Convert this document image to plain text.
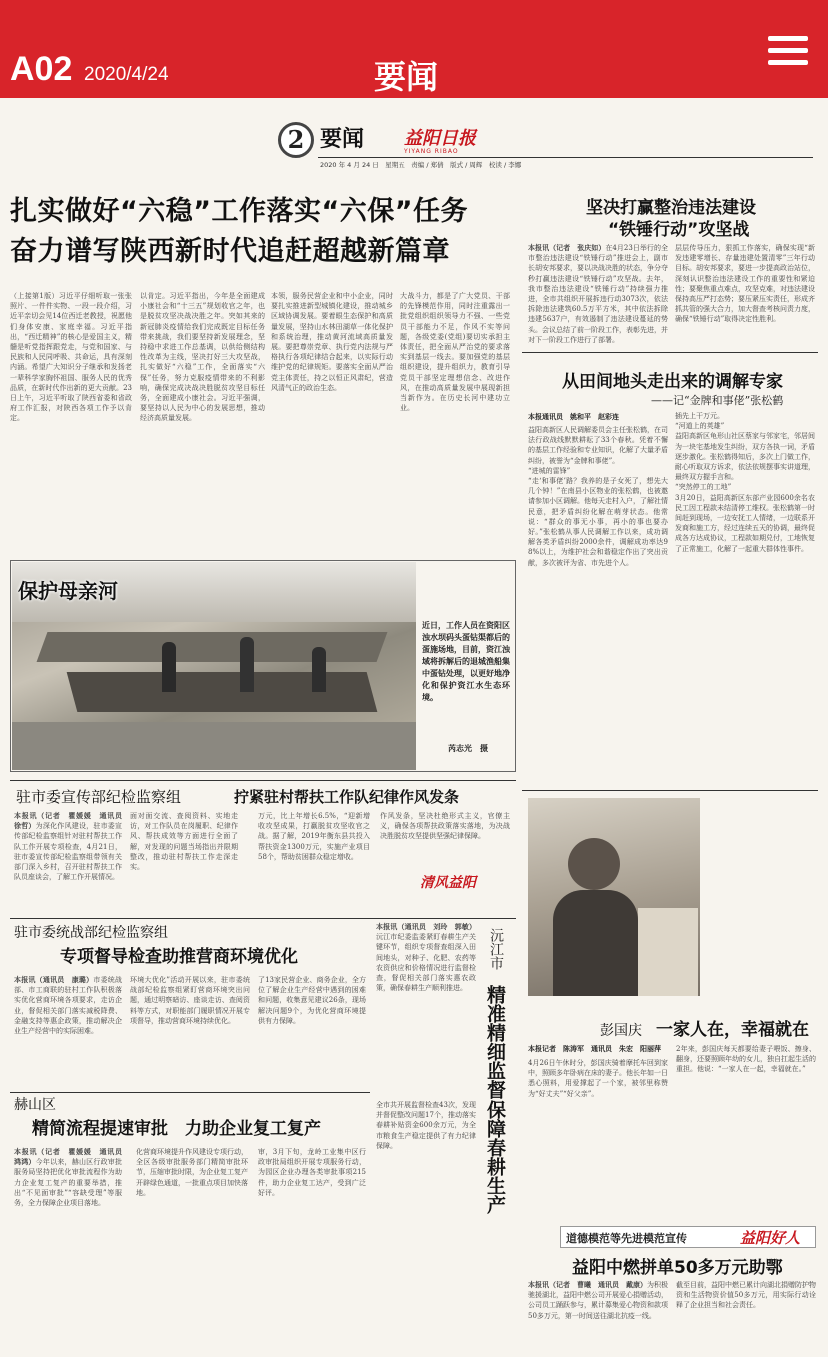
A02 2020/4/24	要闻
2 要闻 益阳日报
YIYANG RIBAO
2020 年 4 月 24 日　星期五　责编 / 郑倩　版式 / 周辉　校读 / 李娜
扎实做好“六稳”工作落实“六保”任务
奋力谱写陕西新时代追赶超越新篇章
（上接第1版）习近平仔细听取一张张照片、一件件实物、一段一段介绍，习近平亲切会见14位西迁老教授，祝愿他们身体安康、家庭幸福。习近平指出，“西迁精神”的核心是爱国主义，精髓是听党指挥跟党走，与党和国家、与民族和人民同呼吸、共命运，具有深刻内涵。希望广大知识分子继承和发扬老一辈科学家胸怀祖国、服务人民的优秀品质，在新时代作出新的更大贡献。23日上午，习近平听取了陕西省委和省政府工作汇报，对陕西各项工作予以肯定。
以肯定。习近平指出，今年是全面建成小康社会和“十三五”规划收官之年，也是脱贫攻坚决战决胜之年。突如其来的新冠肺炎疫情给我们完成既定目标任务带来挑战，我们要坚持新发展理念，坚持稳中求进工作总基调，以供给侧结构性改革为主线，坚决打好三大攻坚战，扎实做好“六稳”工作，全面落实“六保”任务，努力克服疫情带来的不利影响，确保完成决战决胜脱贫攻坚目标任务，全面建成小康社会。习近平强调，要坚持以人民为中心的发展思想，推动经济高质量发展。
本领，服务民营企业和中小企业，同时要扎实推进新型城镇化建设，推动城乡区域协调发展。要着眼生态保护和高质量发展，坚持山水林田湖草一体化保护和系统治理，推动黄河流域高质量发展。要把尊崇党章、执行党内法规与严格执行各项纪律结合起来，以实际行动维护党的纪律规矩。要落实全面从严治党主体责任，持之以恒正风肃纪，营造风清气正的政治生态。
大战斗力，都是了广大党员、干部的先锋模范作用，同时注重露出一批党组织组织领导力不强、一些党员干部能力不足，作风不实等问题，各级党委(党组)要切实承担主体责任，把全面从严治党的要求落实到基层一线去。要加强党的基层组织建设，提升组织力，教育引导党员干部坚定理想信念、改进作风，在推动高质量发展中展现新担当新作为。在历史长河中建功立业。
坚决打赢整治违法建设
“铁锤行动”攻坚战
本报讯（记者　张庆如）在4月23日举行的全市整治违法建设“铁锤行动”推进会上，副市长胡安邦要求，要以决战决胜的状态，争分夺秒打赢违法建设“铁锤行动”攻坚战。去年，我市整治违法建设“铁锤行动”持续强力推进，全市共组织开展拆违行动3073次，依法拆除违法建筑60.5万平方米，其中依法拆除违建5637户，有效遏制了违法建设蔓延的势头。会议总结了前一阶段工作，表彰先进，并对下一阶段工作进行了部署。
层层传导压力，狠抓工作落实，确保实现“新发违建零增长、存量违建处置清零”三年行动目标。胡安邦要求，要进一步提高政治站位，深刻认识整治违法建设工作的重要性和紧迫性；要聚焦重点难点，攻坚克难，对违法建设保持高压严打态势；要压紧压实责任，形成齐抓共管的强大合力，加大督查考核问责力度，确保“铁锤行动”取得决定性胜利。
从田间地头走出来的调解专家
——记“金牌和事佬”张松鹤
本报通讯员　姚和平　赵彩连
益阳高新区人民调解委员会主任张松鹤，在司法行政战线默默耕耘了33个春秋。凭着不懈的基层工作经验和专业知识，化解了大量矛盾纠纷，被誉为“金牌和事佬”。
“进城的雷锋”
“走‘和事佬’路？我养的是子女死了，想先大几个钟！”在南县小区物业的张松鹤，也被邀请参加小区调解。他每天走村入户，了解社情民意，把矛盾纠纷化解在萌芽状态。他常说：“群众的事无小事，再小的事也要办好。”张松鹤从事人民调解工作以来，成功调解各类矛盾纠纷2000余件，调解成功率达98%以上，为维护社会和谐稳定作出了突出贡献，多次被评为省、市先进个人。
插先上干万元。
“河道上的英雄”
益阳高新区龟形山社区蔡家与邻家宅，邻居间为一块宅基地发生纠纷，双方各执一词，矛盾逐步激化。张松鹤得知后，多次上门做工作，耐心听取双方诉求，依法依规摆事实讲道理，最终双方握手言和。
“突然停工的工地”
3月20日，益阳高新区东部产业园600余名农民工因工程款未结清停工维权。张松鹤第一时间赶到现场，一边安抚工人情绪，一边联系开发商和施工方，经过连续五天的协调，最终促成各方达成协议，工程款如期兑付，工地恢复了正常施工，化解了一起重大群体性事件。
保护母亲河
近日，工作人员在资阳区浊水坝码头蛋钻渠都后的蛋施场地，目前，资江浊域将拆解后的退城渔船集中蛋钻处理，以更好地净化和保护资江水生态环境。
芮志光　摄
驻市委宣传部纪检监察组	拧紧驻村帮扶工作队纪律作风发条
本报讯（记者　瞿媛媛　通讯员　徐哲）为深化作风建设，驻市委宣传部纪检监察组针对驻村帮扶工作队工作开展专项检查，4月21日，驻市委宣传部纪检监察组带领有关部门深入乡村，召开驻村帮扶工作队员座谈会，了解工作开展情况。
面对面交流、查阅资料、实地走访，对工作队员在岗履职、纪律作风、帮扶成效等方面进行全面了解，对发现的问题当场指出并限期整改，推动驻村帮扶工作走深走实。
万元，比上年增长6.5%，“迎新增收攻坚成果，打赢脱贫攻坚收官之战。据了解，2019年衡东县共投入帮扶资金1300万元，实施产业项目58个，帮助贫困群众稳定增收。
作风发条，坚决杜绝形式主义，官僚主义，确保各项帮扶政策落实落地，为决战决胜脱贫攻坚提供坚强纪律保障。
清风益阳
驻市委统战部纪检监察组
专项督导检查助推营商环境优化
本报讯（通讯员　康璐）市委统战部、市工商联的驻村工作队积极落实优化营商环境各项要求，走访企业，督促相关部门落实减税降费、金融支持等惠企政策，推动解决企业生产经营中的实际困难。
环境大优化”活动开展以来，驻市委统战部纪检监察组紧盯营商环境突出问题，通过明察暗访、座谈走访、查阅资料等方式，对职能部门履职情况开展专项督导，推动营商环境持续优化。
了13家民营企业、商务企业，全方位了解企业生产经营中遇到的困难和问题，收集意见建议26条，现场解决问题9个，为优化营商环境提供有力保障。
本报讯（通讯员　刘玲　郭敏）沅江市纪委监委紧盯春耕生产关键环节，组织专项督查组深入田间地头，对种子、化肥、农药等农资供应和价格情况进行监督检查，督促相关部门落实惠农政策，确保春耕生产顺利推进。
沅江市
精准精细监督
保障春耕生产
全市共开展监督检查43次，发现并督促整改问题17个，推动落实春耕补贴资金600余万元，为全市粮食生产稳定提供了有力纪律保障。
赫山区
精简流程提速审批　力助企业复工复产
本报讯（记者　瞿媛媛　通讯员　鸿鸿）今年以来，赫山区行政审批服务局坚持把优化审批流程作为助力企业复工复产的重要举措，推出“不见面审批”“容缺受理”等服务，全力保障企业项目落地。
化营商环境提升作风建设专项行动，全区各级审批服务部门精简审批环节，压缩审批时限，为企业复工复产开辟绿色通道，一批重点项目加快落地。
审，3月下旬，龙岭工业集中区行政审批局组织开展专项服务行动，为园区企业办理各类审批事项215件，助力企业复工达产，受到广泛好评。
彭国庆 一家人在，幸福就在
本报记者　陈涛军　通讯员　朱宏　阳丽萍
4月26日午休时分，彭国庆骑着摩托车回到家中，照顾多年卧病在床的妻子。他长年如一日悉心照料，用爱撑起了一个家，被邻里称赞为“好丈夫”“好父亲”。
2年来，彭国庆每天都要给妻子喂饭、擦身、翻身，还要照顾年幼的女儿，独自扛起生活的重担。他说：“一家人在一起，幸福就在。”
道德模范等先进模范宣传	益阳好人
益阳中燃拼单50多万元助鄂
本报讯（记者　曹曦　通讯员　戴康）为积极驰援湖北，益阳中燃公司开展爱心捐赠活动，公司员工踊跃参与，累计募集爱心物资和款项50多万元，第一时间送往湖北抗疫一线。
截至目前，益阳中燃已累计向湖北捐赠防护物资和生活物资价值50多万元，用实际行动诠释了企业担当和社会责任。
